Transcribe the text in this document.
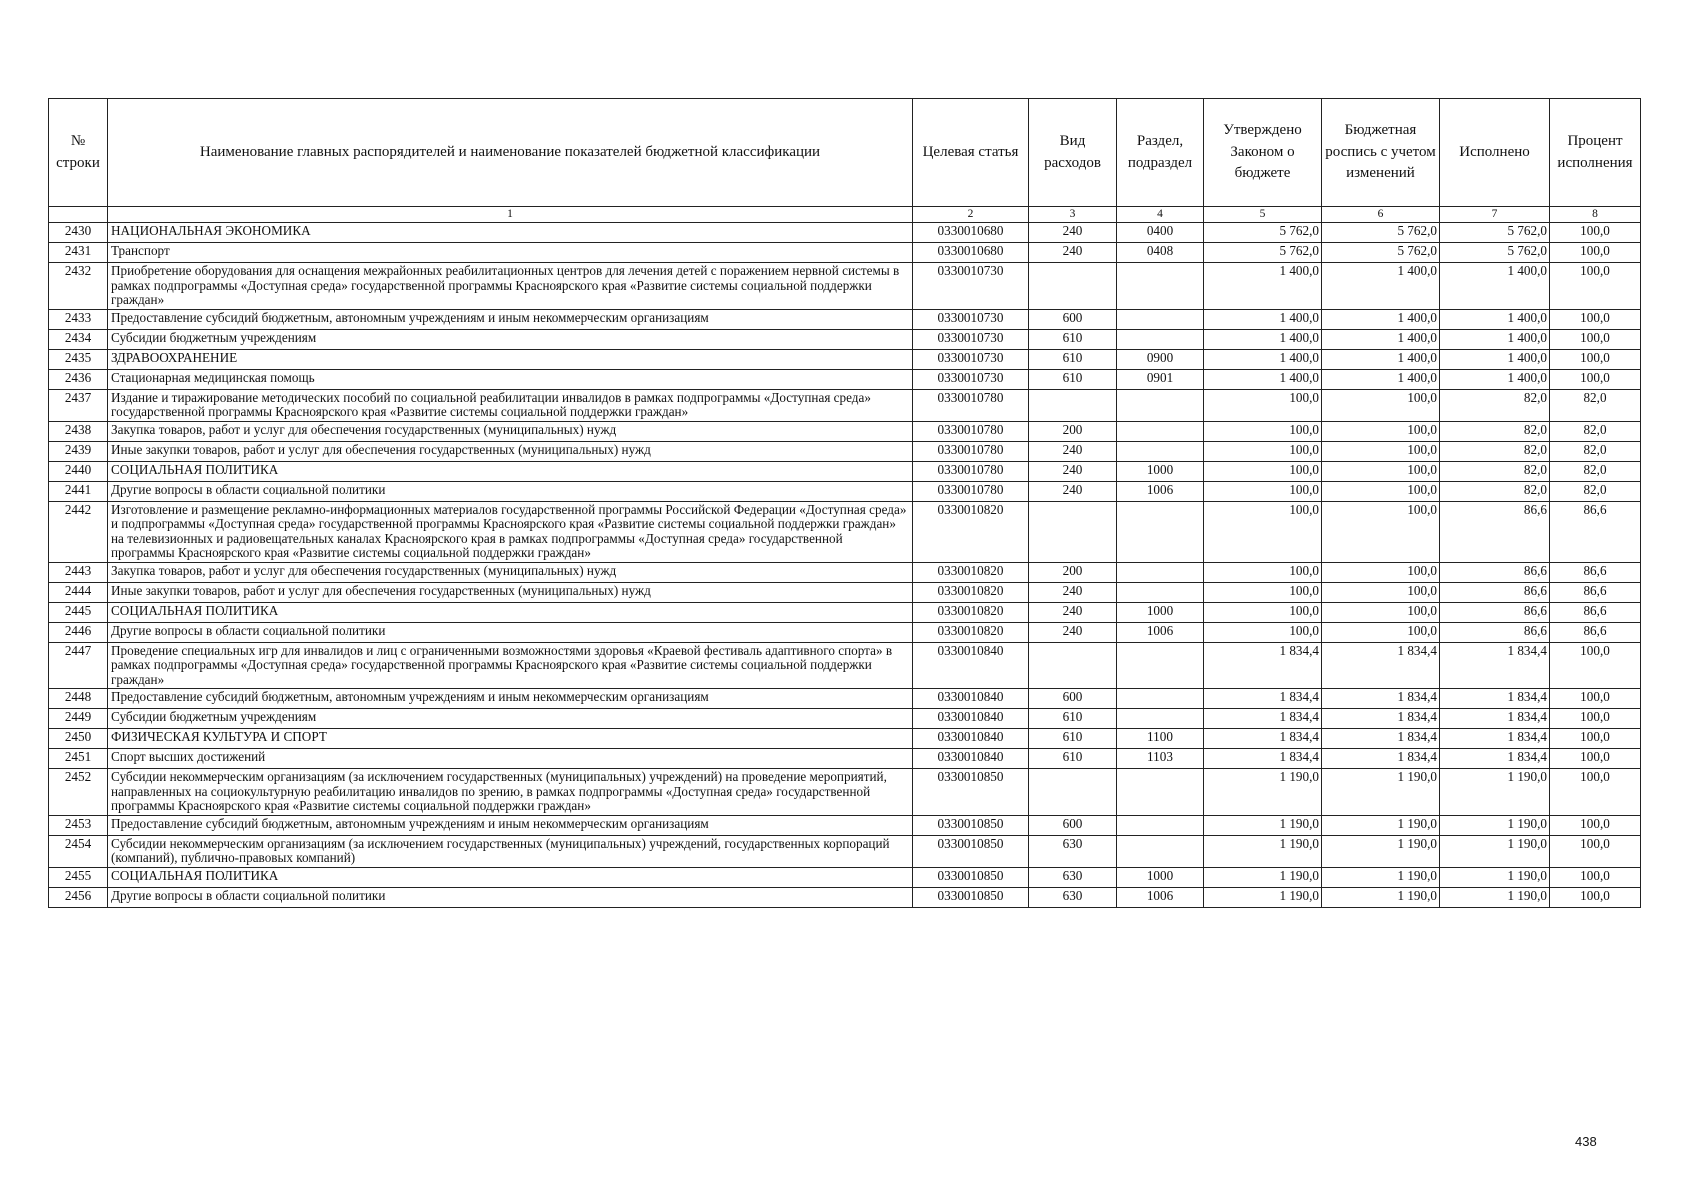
№ строки	Наименование главных распорядителей и наименование показателей бюджетной классификации	Целевая статья	Вид расходов	Раздел, подраздел	Утверждено Законом о бюджете	Бюджетная роспись с учетом изменений	Исполнено	Процент исполнения
	1	2	3	4	5	6	7	8
2430	НАЦИОНАЛЬНАЯ ЭКОНОМИКА	0330010680	240	0400	5 762,0	5 762,0	5 762,0	100,0
2431	Транспорт	0330010680	240	0408	5 762,0	5 762,0	5 762,0	100,0
2432	Приобретение оборудования для оснащения межрайонных реабилитационных центров для лечения детей с поражением нервной системы в рамках подпрограммы «Доступная среда» государственной программы Красноярского края «Развитие системы социальной поддержки граждан»	0330010730			1 400,0	1 400,0	1 400,0	100,0
2433	Предоставление субсидий бюджетным, автономным учреждениям и иным некоммерческим организациям	0330010730	600		1 400,0	1 400,0	1 400,0	100,0
2434	Субсидии бюджетным учреждениям	0330010730	610		1 400,0	1 400,0	1 400,0	100,0
2435	ЗДРАВООХРАНЕНИЕ	0330010730	610	0900	1 400,0	1 400,0	1 400,0	100,0
2436	Стационарная медицинская помощь	0330010730	610	0901	1 400,0	1 400,0	1 400,0	100,0
2437	Издание и тиражирование методических пособий по социальной реабилитации инвалидов в рамках подпрограммы «Доступная среда» государственной программы Красноярского края «Развитие системы социальной поддержки граждан»	0330010780			100,0	100,0	82,0	82,0
2438	Закупка товаров, работ и услуг для обеспечения государственных (муниципальных) нужд	0330010780	200		100,0	100,0	82,0	82,0
2439	Иные закупки товаров, работ и услуг для обеспечения государственных (муниципальных) нужд	0330010780	240		100,0	100,0	82,0	82,0
2440	СОЦИАЛЬНАЯ ПОЛИТИКА	0330010780	240	1000	100,0	100,0	82,0	82,0
2441	Другие вопросы в области социальной политики	0330010780	240	1006	100,0	100,0	82,0	82,0
2442	Изготовление и размещение рекламно-информационных материалов государственной программы Российской Федерации «Доступная среда» и подпрограммы «Доступная среда» государственной программы Красноярского края «Развитие системы социальной поддержки граждан» на телевизионных и радиовещательных каналах Красноярского края в рамках подпрограммы «Доступная среда» государственной программы Красноярского края «Развитие системы социальной поддержки граждан»	0330010820			100,0	100,0	86,6	86,6
2443	Закупка товаров, работ и услуг для обеспечения государственных (муниципальных) нужд	0330010820	200		100,0	100,0	86,6	86,6
2444	Иные закупки товаров, работ и услуг для обеспечения государственных (муниципальных) нужд	0330010820	240		100,0	100,0	86,6	86,6
2445	СОЦИАЛЬНАЯ ПОЛИТИКА	0330010820	240	1000	100,0	100,0	86,6	86,6
2446	Другие вопросы в области социальной политики	0330010820	240	1006	100,0	100,0	86,6	86,6
2447	Проведение специальных игр для инвалидов и лиц с ограниченными возможностями здоровья «Краевой фестиваль адаптивного спорта» в рамках подпрограммы «Доступная среда» государственной программы Красноярского края «Развитие системы социальной поддержки граждан»	0330010840			1 834,4	1 834,4	1 834,4	100,0
2448	Предоставление субсидий бюджетным, автономным учреждениям и иным некоммерческим организациям	0330010840	600		1 834,4	1 834,4	1 834,4	100,0
2449	Субсидии бюджетным учреждениям	0330010840	610		1 834,4	1 834,4	1 834,4	100,0
2450	ФИЗИЧЕСКАЯ КУЛЬТУРА И СПОРТ	0330010840	610	1100	1 834,4	1 834,4	1 834,4	100,0
2451	Спорт высших достижений	0330010840	610	1103	1 834,4	1 834,4	1 834,4	100,0
2452	Субсидии некоммерческим организациям (за исключением государственных (муниципальных) учреждений) на проведение мероприятий, направленных на социокультурную реабилитацию инвалидов по зрению, в рамках подпрограммы «Доступная среда» государственной программы Красноярского края «Развитие системы социальной поддержки граждан»	0330010850			1 190,0	1 190,0	1 190,0	100,0
2453	Предоставление субсидий бюджетным, автономным учреждениям и иным некоммерческим организациям	0330010850	600		1 190,0	1 190,0	1 190,0	100,0
2454	Субсидии некоммерческим организациям (за исключением государственных (муниципальных) учреждений, государственных корпораций (компаний), публично-правовых компаний)	0330010850	630		1 190,0	1 190,0	1 190,0	100,0
2455	СОЦИАЛЬНАЯ ПОЛИТИКА	0330010850	630	1000	1 190,0	1 190,0	1 190,0	100,0
2456	Другие вопросы в области социальной политики	0330010850	630	1006	1 190,0	1 190,0	1 190,0	100,0
438
